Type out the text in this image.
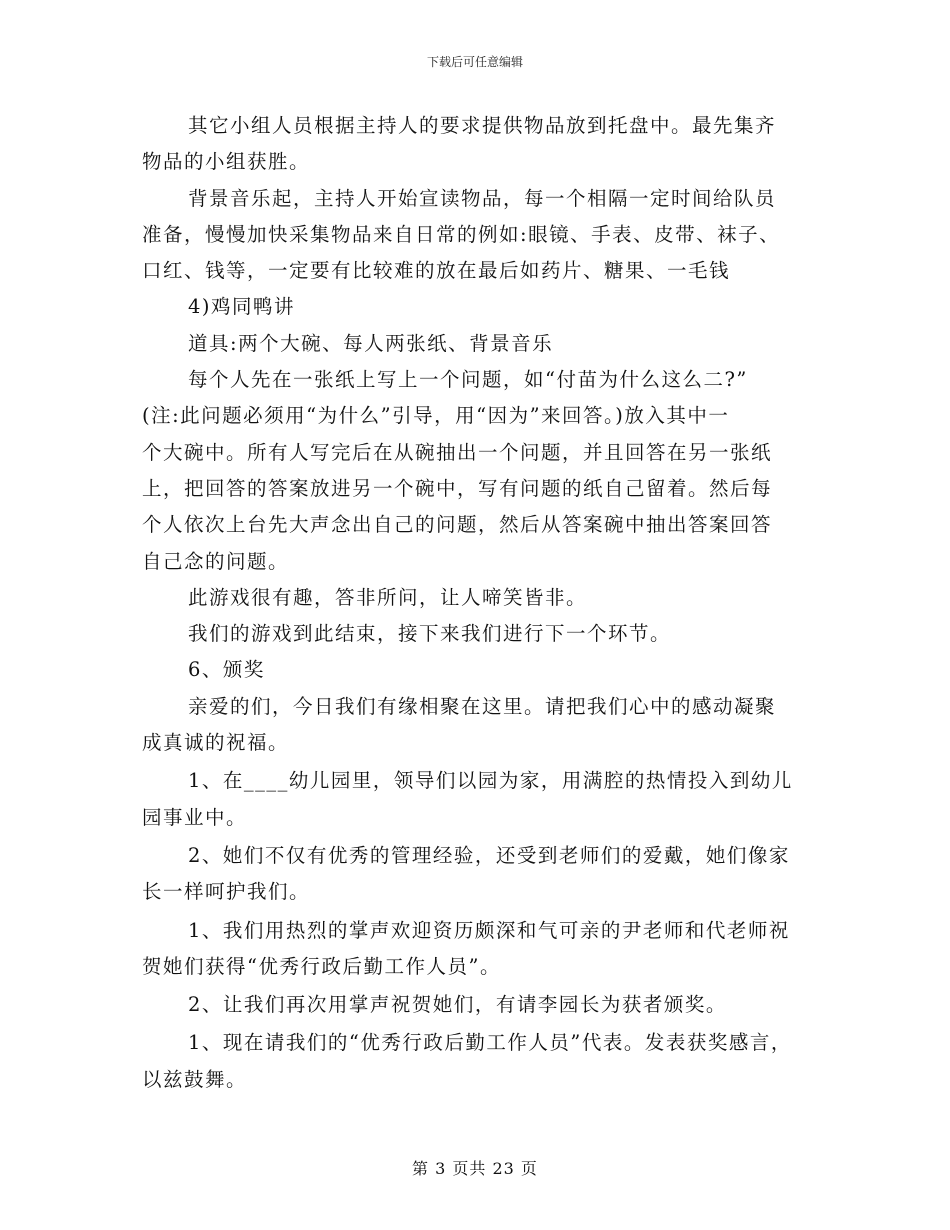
下载后可任意编辑

其它小组人员根据主持人的要求提供物品放到托盘中。最先集齐

物品的小组获胜。

背景音乐起，主持人开始宣读物品，每一个相隔一定时间给队员

准备，慢慢加快采集物品来自日常的例如:眼镜、手表、皮带、袜子、

口红、钱等，一定要有比较难的放在最后如药片、糖果、一毛钱

4)鸡同鸭讲

道具:两个大碗、每人两张纸、背景音乐

每个人先在一张纸上写上一个问题，如“付苗为什么这么二?”

(注:此问题必须用“为什么”引导，用“因为”来回答。)放入其中一

个大碗中。所有人写完后在从碗抽出一个问题，并且回答在另一张纸

上，把回答的答案放进另一个碗中，写有问题的纸自己留着。然后每

个人依次上台先大声念出自己的问题，然后从答案碗中抽出答案回答

自己念的问题。

此游戏很有趣，答非所问，让人啼笑皆非。

我们的游戏到此结束，接下来我们进行下一个环节。

6、颁奖

亲爱的们，今日我们有缘相聚在这里。请把我们心中的感动凝聚

成真诚的祝福。

1、在____幼儿园里，领导们以园为家，用满腔的热情投入到幼儿

园事业中。

2、她们不仅有优秀的管理经验，还受到老师们的爱戴，她们像家

长一样呵护我们。

1、我们用热烈的掌声欢迎资历颇深和气可亲的尹老师和代老师祝

贺她们获得“优秀行政后勤工作人员”。

2、让我们再次用掌声祝贺她们，有请李园长为获者颁奖。

1、现在请我们的“优秀行政后勤工作人员”代表。发表获奖感言，

以兹鼓舞。

第 3 页共 23 页
